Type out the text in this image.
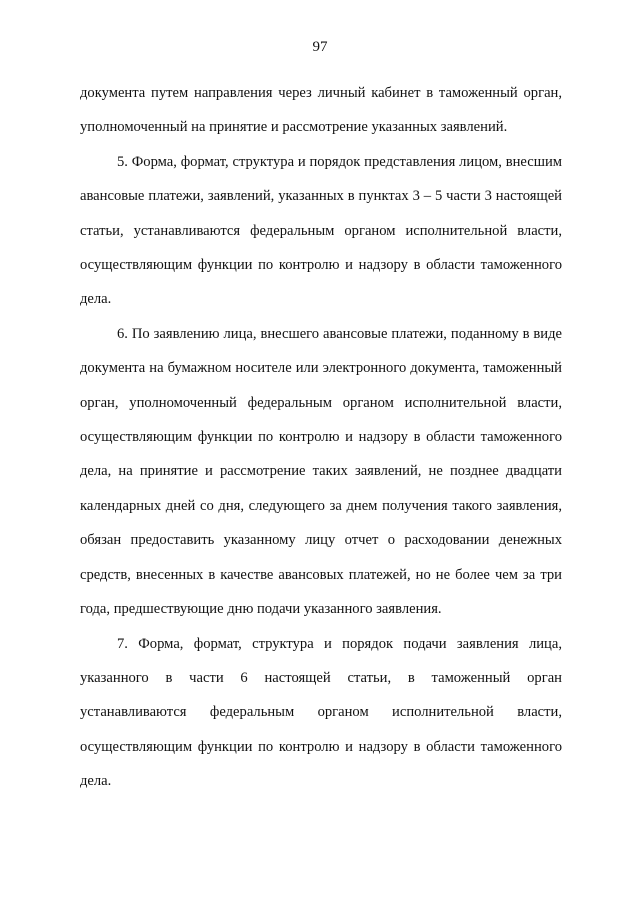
97

документа путем направления через личный кабинет в таможенный орган, уполномоченный на принятие и рассмотрение указанных заявлений.

5. Форма, формат, структура и порядок представления лицом, внесшим авансовые платежи, заявлений, указанных в пунктах 3 – 5 части 3 настоящей статьи, устанавливаются федеральным органом исполнительной власти, осуществляющим функции по контролю и надзору в области таможенного дела.

6. По заявлению лица, внесшего авансовые платежи, поданному в виде документа на бумажном носителе или электронного документа, таможенный орган, уполномоченный федеральным органом исполнительной власти, осуществляющим функции по контролю и надзору в области таможенного дела, на принятие и рассмотрение таких заявлений, не позднее двадцати календарных дней со дня, следующего за днем получения такого заявления, обязан предоставить указанному лицу отчет о расходовании денежных средств, внесенных в качестве авансовых платежей, но не более чем за три года, предшествующие дню подачи указанного заявления.

7. Форма, формат, структура и порядок подачи заявления лица, указанного в части 6 настоящей статьи, в таможенный орган устанавливаются федеральным органом исполнительной власти, осуществляющим функции по контролю и надзору в области таможенного дела.
